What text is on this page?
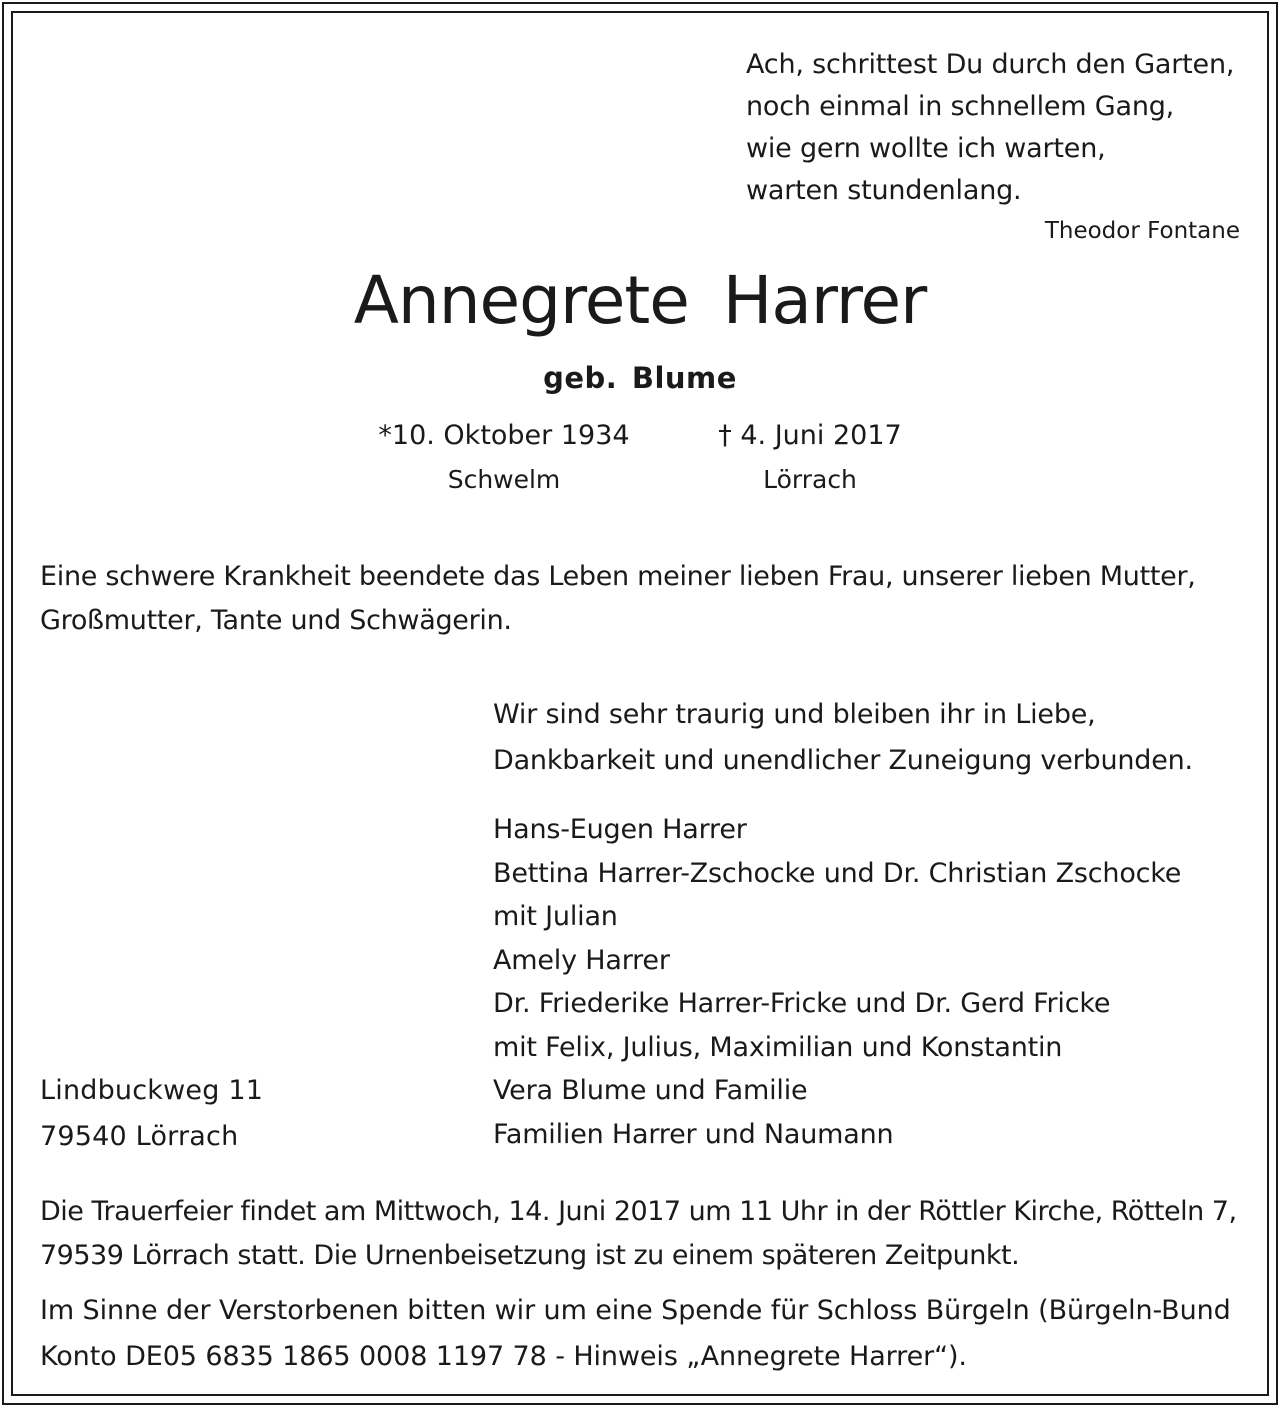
Ach, schrittest Du durch den Garten,
noch einmal in schnellem Gang,
wie gern wollte ich warten,
warten stundenlang.
Theodor Fontane
Annegrete Harrer
geb. Blume
*10. Oktober 1934
Schwelm
† 4. Juni 2017
Lörrach
Eine schwere Krankheit beendete das Leben meiner lieben Frau, unserer lieben Mutter,
Großmutter, Tante und Schwägerin.
Wir sind sehr traurig und bleiben ihr in Liebe,
Dankbarkeit und unendlicher Zuneigung verbunden.
Hans-Eugen Harrer
Bettina Harrer-Zschocke und Dr. Christian Zschocke
mit Julian
Amely Harrer
Dr. Friederike Harrer-Fricke und Dr. Gerd Fricke
mit Felix, Julius, Maximilian und Konstantin
Vera Blume und Familie
Familien Harrer und Naumann
Lindbuckweg 11
79540 Lörrach
Die Trauerfeier findet am Mittwoch, 14. Juni 2017 um 11 Uhr in der Röttler Kirche, Rötteln 7,
79539 Lörrach statt. Die Urnenbeisetzung ist zu einem späteren Zeitpunkt.
Im Sinne der Verstorbenen bitten wir um eine Spende für Schloss Bürgeln (Bürgeln-Bund
Konto DE05 6835 1865 0008 1197 78 - Hinweis „Annegrete Harrer“).
